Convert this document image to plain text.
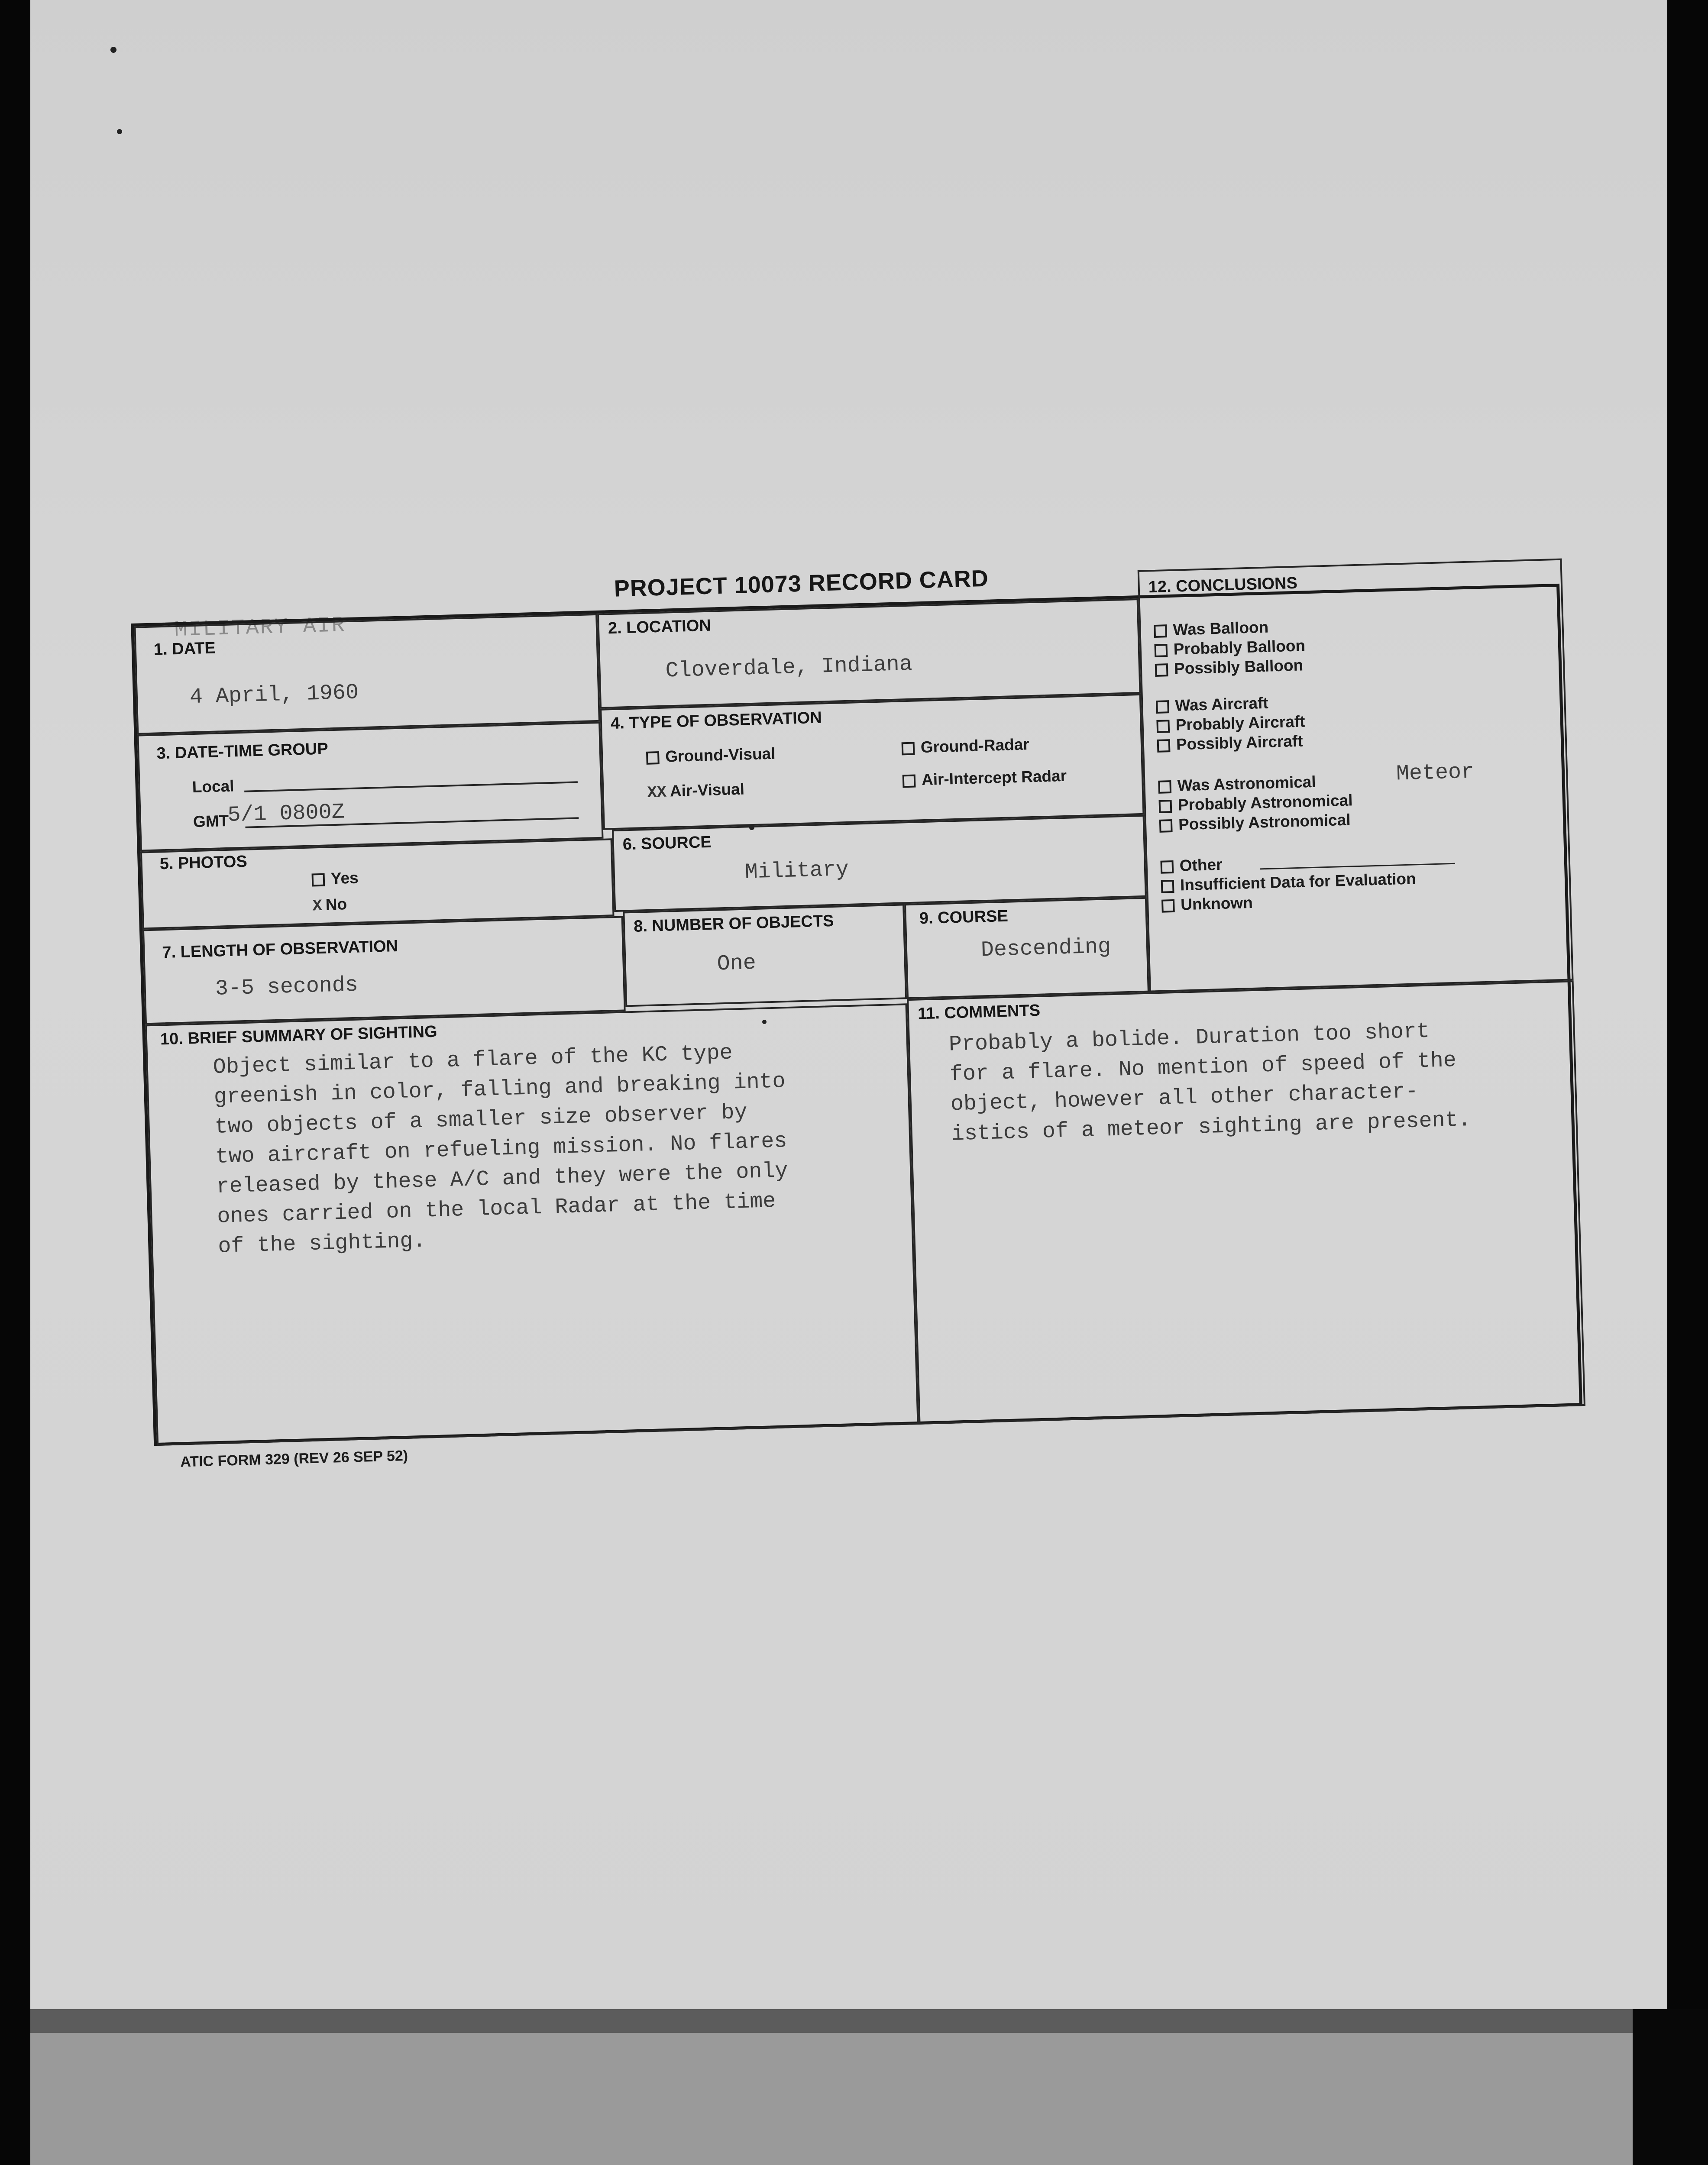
PROJECT 10073 RECORD CARD
MILITARY AIR
1. DATE
4 April, 1960
2. LOCATION
Cloverdale, Indiana
3. DATE-TIME GROUP
Local
GMT
5/1 0800Z
4. TYPE OF OBSERVATION
Ground-Visual	Ground-Radar
XX Air-Visual
Air-Intercept Radar
5. PHOTOS
Yes
X No
6. SOURCE
Military
7. LENGTH OF OBSERVATION
3-5 seconds
8. NUMBER OF OBJECTS
One
9. COURSE
Descending
12. CONCLUSIONS
Was Balloon
Probably Balloon
Possibly Balloon
Was Aircraft
Probably Aircraft
Possibly Aircraft
Was Astronomical	Meteor
Probably Astronomical
Possibly Astronomical
Other
Insufficient Data for Evaluation
Unknown
10. BRIEF SUMMARY OF SIGHTING
Object similar to a flare of the KC type
greenish in color, falling and breaking into
two objects of a smaller size observer by
two aircraft on refueling mission. No flares
released by these A/C and they were the only
ones carried on the local Radar at the time
of the sighting.
11. COMMENTS
Probably a bolide. Duration too short
for a flare. No mention of speed of the
object, however all other character-
istics of a meteor sighting are present.
ATIC FORM 329 (REV 26 SEP 52)
